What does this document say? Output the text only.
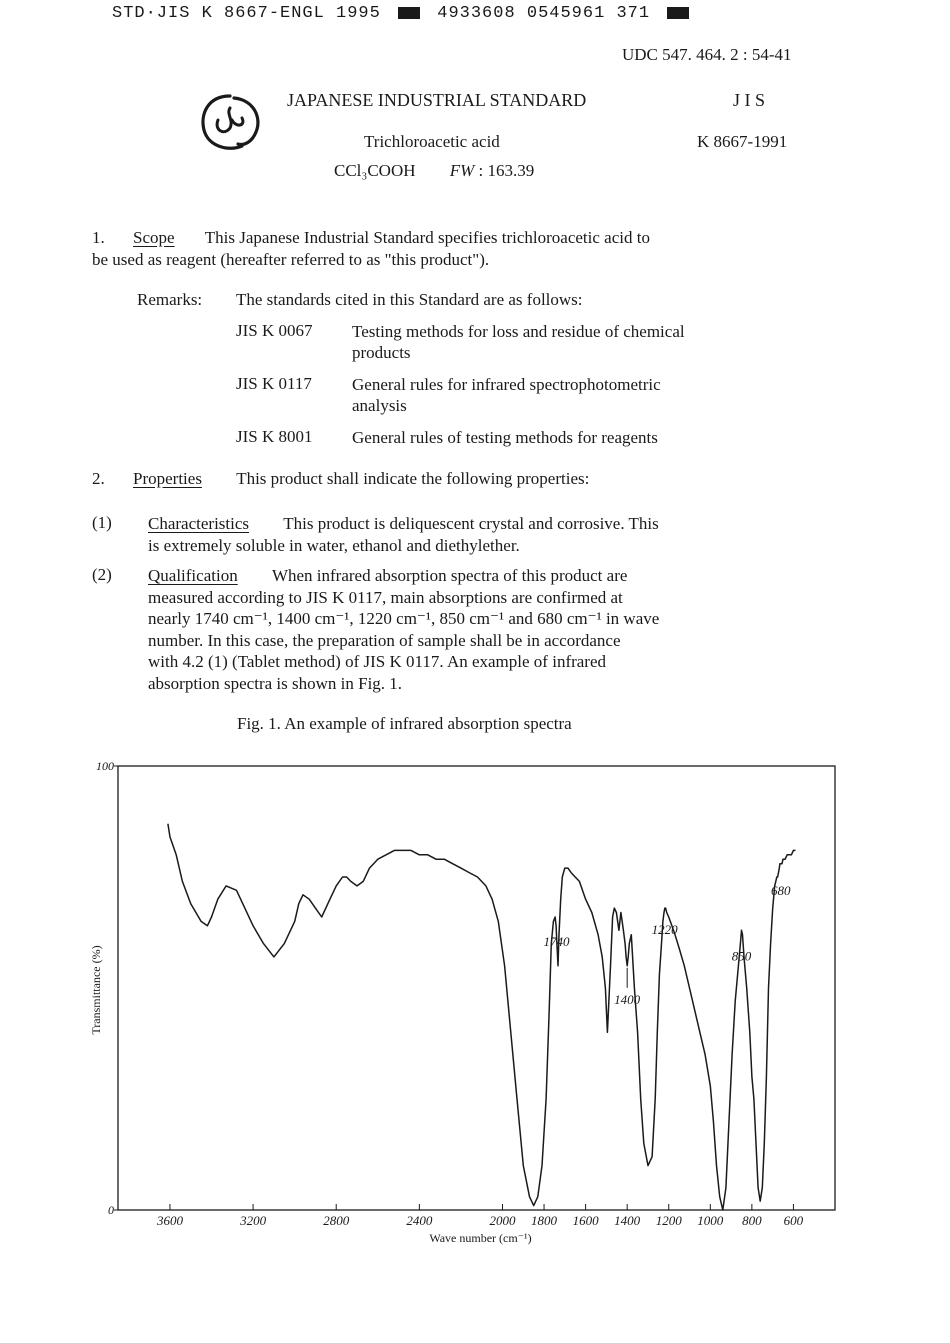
STD·JIS K 8667-ENGL 1995	4933608 0545961 371
UDC 547. 464. 2 : 54-41
JAPANESE INDUSTRIAL STANDARD	J I S
Trichloroacetic acid	K 8667-1991
CCl₃COOH FW : 163.39
1. Scope This Japanese Industrial Standard specifies trichloroacetic acid to
be used as reagent (hereafter referred to as "this product").
Remarks: The standards cited in this Standard are as follows:
JIS K 0067 Testing methods for loss and residue of chemical
products
JIS K 0117 General rules for infrared spectrophotometric
analysis
JIS K 8001 General rules of testing methods for reagents
2. Properties This product shall indicate the following properties:
(1) Characteristics This product is deliquescent crystal and corrosive. This
is extremely soluble in water, ethanol and diethylether.
(2) Qualification When infrared absorption spectra of this product are
measured according to JIS K 0117, main absorptions are confirmed at
nearly 1740 cm⁻¹, 1400 cm⁻¹, 1220 cm⁻¹, 850 cm⁻¹ and 680 cm⁻¹ in wave
number. In this case, the preparation of sample shall be in accordance
with 4.2 (1) (Tablet method) of JIS K 0117. An example of infrared
absorption spectra is shown in Fig. 1.
Fig. 1. An example of infrared absorption spectra
100
0
3600	3200	2800	2400	2000 1800 1600 1400 1200 1000 800 600
1740
1400
1220
850
680
Wave number (cm⁻¹)
Transmittance (%)
